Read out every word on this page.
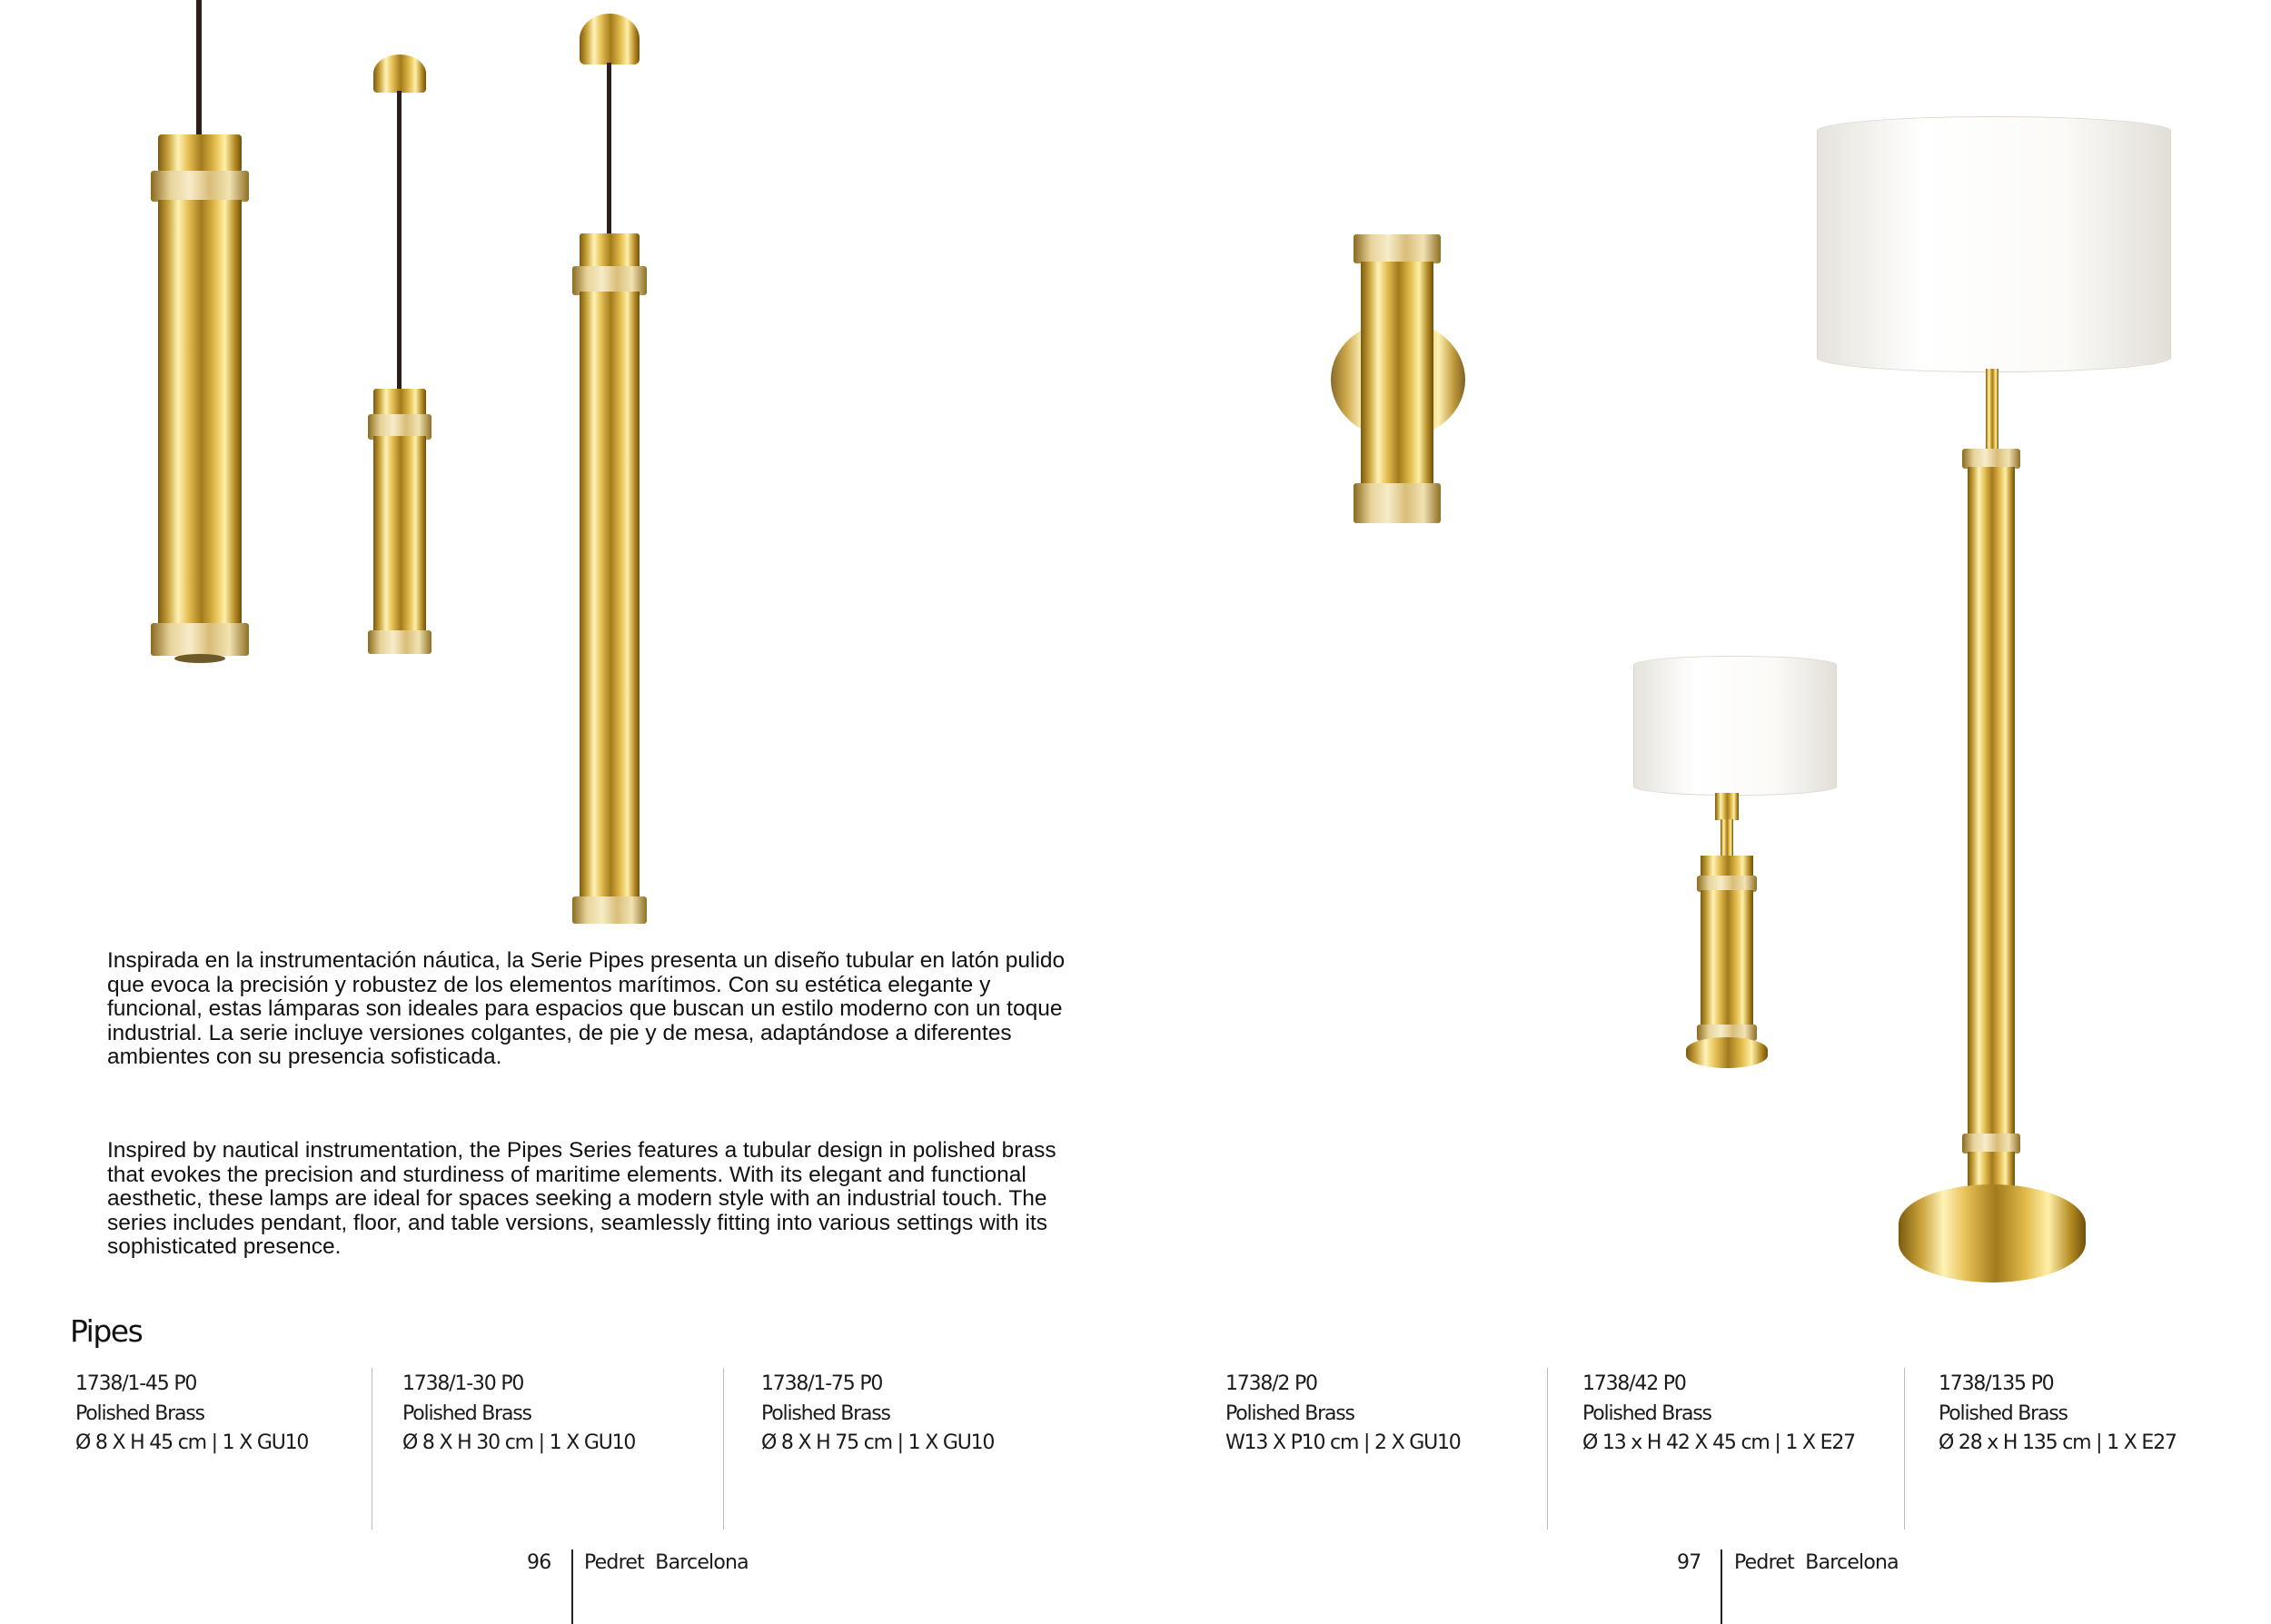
Inspirada en la instrumentación náutica, la Serie Pipes presenta un diseño tubular en latón pulido que evoca la precisión y robustez de los elementos marítimos. Con su estética elegante y funcional, estas lámparas son ideales para espacios que buscan un estilo moderno con un toque industrial. La serie incluye versiones colgantes, de pie y de mesa, adaptándose a diferentes ambientes con su presencia sofisticada.

Inspired by nautical instrumentation, the Pipes Series features a tubular design in polished brass that evokes the precision and sturdiness of maritime elements. With its elegant and functional aesthetic, these lamps are ideal for spaces seeking a modern style with an industrial touch. The series includes pendant, floor, and table versions, seamlessly fitting into various settings with its sophisticated presence.

Pipes
1738/1-45 P0
Polished Brass
Ø 8 X H 45 cm | 1 X GU10
1738/1-30 P0
Polished Brass
Ø 8 X H 30 cm | 1 X GU10
1738/1-75 P0
Polished Brass
Ø 8 X H 75 cm | 1 X GU10
1738/2 P0
Polished Brass
W13 X P10 cm | 2 X GU10
1738/42 P0
Polished Brass
Ø 13 x H 42 X 45 cm | 1 X E27
1738/135 P0
Polished Brass
Ø 28 x H 135 cm | 1 X E27
96 Pedret  Barcelona	97 Pedret  Barcelona
